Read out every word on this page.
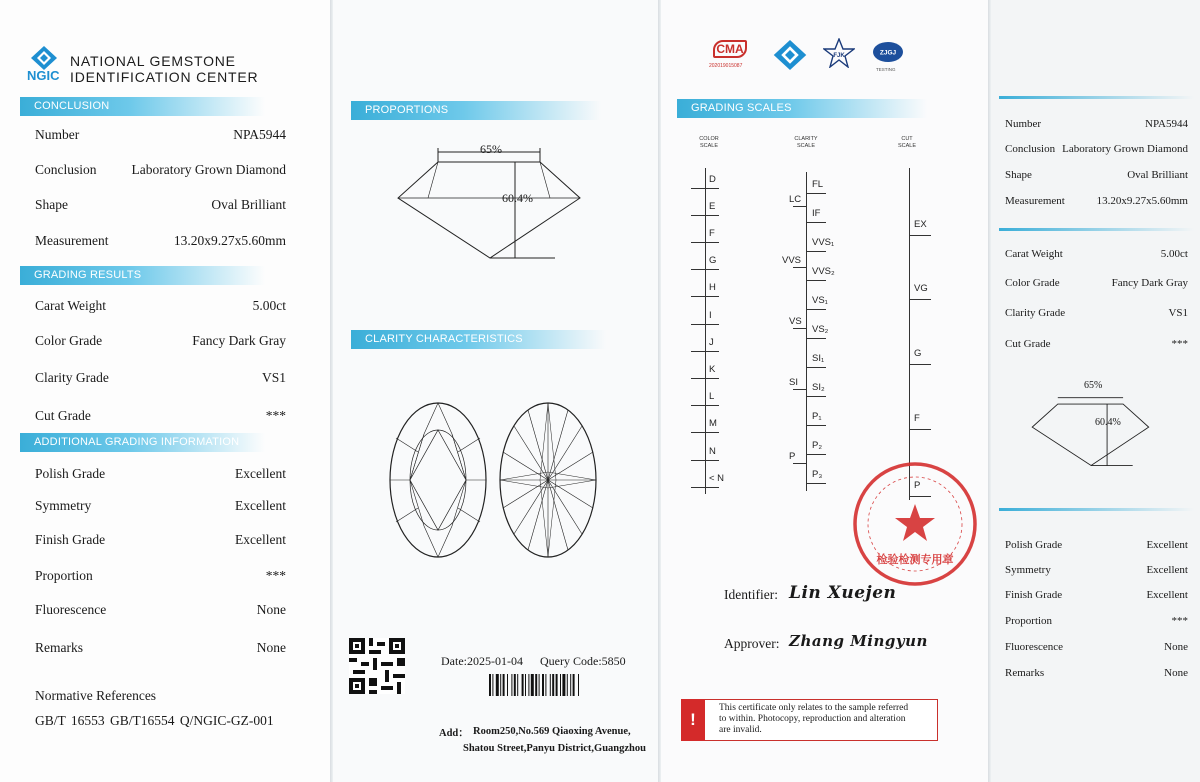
NGIC
NATIONAL GEMSTONE
IDENTIFICATION CENTER
CONCLUSION
Number	NPA5944
Conclusion	Laboratory Grown Diamond
Shape	Oval Brilliant
Measurement	13.20x9.27x5.60mm
GRADING RESULTS
Carat Weight	5.00ct
Color Grade	Fancy Dark Gray
Clarity Grade	VS1
Cut Grade	***
ADDITIONAL GRADING INFORMATION
Polish Grade	Excellent
Symmetry	Excellent
Finish Grade	Excellent
Proportion	***
Fluorescence	None
Remarks	None
Normative References
GB/T 16553 GB/T16554 Q/NGIC-GZ-001
PROPORTIONS
65%
60.4%
CLARITY CHARACTERISTICS
Date:2025-01-04 Query Code:5850
Add： Room250,No.569 Qiaoxing Avenue,
Shatou Street,Panyu District,Guangzhou
CMA
202019015087
FJK	ZJGJ
TESTING
GRADING SCALES
COLOR
SCALE
CLARITY
SCALE
CUT
SCALE
D
E
F
G
H
I
J
K
L
M
N
< N
FL
IF
VVS₁
VVS₂
VS₁
VS₂
SI₁
SI₂
P₁
P₂
P₃
LC
VVS
VS
SI
P
EX
VG
G
F
P
检验检测专用章
Identifier: Lin Xuejen
Approver: Zhang Mingyun
!
This certificate only relates to the sample referred
to within. Photocopy, reproduction and alteration
are invalid.
Number	NPA5944
Conclusion Laboratory Grown Diamond
Shape	Oval Brilliant
Measurement	13.20x9.27x5.60mm
Carat Weight	5.00ct
Color Grade	Fancy Dark Gray
Clarity Grade	VS1
Cut Grade	***
65%
60.4%
Polish Grade	Excellent
Symmetry	Excellent
Finish Grade	Excellent
Proportion	***
Fluorescence	None
Remarks	None
